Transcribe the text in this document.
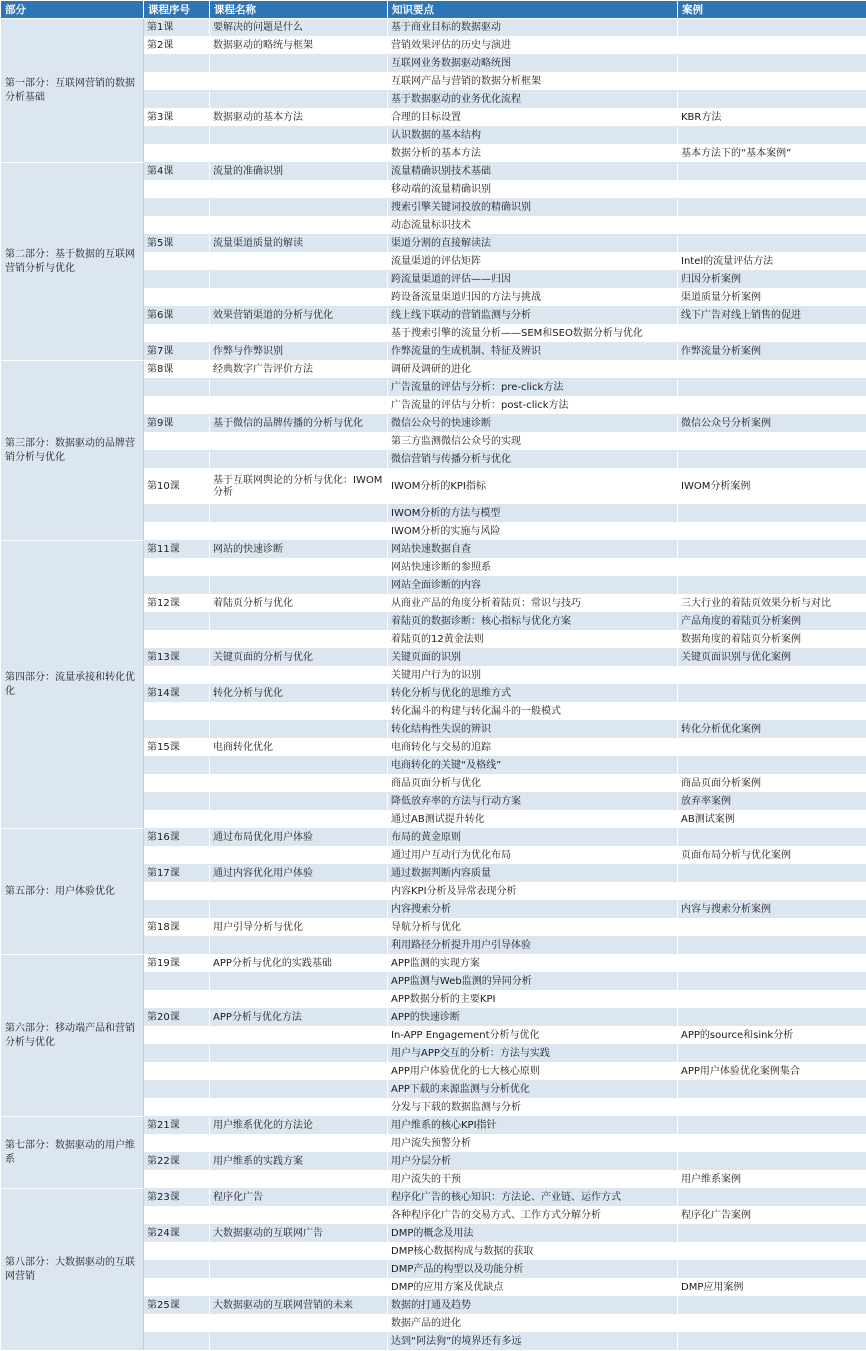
部分	课程序号	课程名称	知识要点	案例
第一部分：互联网营销的数据分析基础	第1课	要解决的问题是什么	基于商业目标的数据驱动	
	第2课	数据驱动的略统与框架	营销效果评估的历史与演进	
			互联网业务数据驱动略统图	
			互联网产品与营销的数据分析框架	
			基于数据驱动的业务优化流程	
	第3课	数据驱动的基本方法	合理的目标设置	KBR方法
			认识数据的基本结构	
			数据分析的基本方法	基本方法下的“基本案例”
第二部分：基于数据的互联网营销分析与优化	第4课	流量的准确识别	流量精确识别技术基础	
			移动端的流量精确识别	
			搜索引擎关键词投放的精确识别	
			动态流量标识技术	
	第5课	流量渠道质量的解读	渠道分割的直接解读法	
			流量渠道的评估矩阵	Intel的流量评估方法
			跨流量渠道的评估——归因	归因分析案例
			跨设备流量渠道归因的方法与挑战	渠道质量分析案例
	第6课	效果营销渠道的分析与优化	线上线下联动的营销监测与分析	线下广告对线上销售的促进
			基于搜索引擎的流量分析——SEM和SEO数据分析与优化	
	第7课	作弊与作弊识别	作弊流量的生成机制、特征及辨识	作弊流量分析案例
第三部分：数据驱动的品牌营销分析与优化	第8课	经典数字广告评价方法	调研及调研的进化	
			广告流量的评估与分析：pre-click方法	
			广告流量的评估与分析：post-click方法	
	第9课	基于微信的品牌传播的分析与优化	微信公众号的快速诊断	微信公众号分析案例
			第三方监测微信公众号的实现	
			微信营销与传播分析与优化	
	第10课	基于互联网舆论的分析与优化：IWOM分析	IWOM分析的KPI指标	IWOM分析案例
			IWOM分析的方法与模型	
			IWOM分析的实施与风险	
第四部分：流量承接和转化优化	第11课	网站的快速诊断	网站快速数据自查	
			网站快速诊断的参照系	
			网站全面诊断的内容	
	第12课	着陆页分析与优化	从商业产品的角度分析着陆页：常识与技巧	三大行业的着陆页效果分析与对比
			着陆页的数据诊断：核心指标与优化方案	产品角度的着陆页分析案例
			着陆页的12黄金法则	数据角度的着陆页分析案例
	第13课	关键页面的分析与优化	关键页面的识别	关键页面识别与优化案例
			关键用户行为的识别	
	第14课	转化分析与优化	转化分析与优化的思维方式	
			转化漏斗的构建与转化漏斗的一般模式	
			转化结构性失误的辨识	转化分析优化案例
	第15课	电商转化优化	电商转化与交易的追踪	
			电商转化的关键“及格线”	
			商品页面分析与优化	商品页面分析案例
			降低放弃率的方法与行动方案	放弃率案例
			通过AB测试提升转化	AB测试案例
第五部分：用户体验优化	第16课	通过布局优化用户体验	布局的黄金原则	
			通过用户互动行为优化布局	页面布局分析与优化案例
	第17课	通过内容优化用户体验	通过数据判断内容质量	
			内容KPI分析及异常表现分析	
			内容搜索分析	内容与搜索分析案例
	第18课	用户引导分析与优化	导航分析与优化	
			利用路径分析提升用户引导体验	
第六部分：移动端产品和营销分析与优化	第19课	APP分析与优化的实践基础	APP监测的实现方案	
			APP监测与Web监测的异同分析	
			APP数据分析的主要KPI	
	第20课	APP分析与优化方法	APP的快速诊断	
			In-APP Engagement分析与优化	APP的source和sink分析
			用户与APP交互的分析：方法与实践	
			APP用户体验优化的七大核心原则	APP用户体验优化案例集合
			APP下载的来源监测与分析优化	
			分发与下载的数据监测与分析	
第七部分：数据驱动的用户维系	第21课	用户维系优化的方法论	用户维系的核心KPI指针	
			用户流失预警分析	
	第22课	用户维系的实践方案	用户分层分析	
			用户流失的干预	用户维系案例
第八部分：大数据驱动的互联网营销	第23课	程序化广告	程序化广告的核心知识：方法论、产业链、运作方式	
			各种程序化广告的交易方式、工作方式分解分析	程序化广告案例
	第24课	大数据驱动的互联网广告	DMP的概念及用法	
			DMP核心数据构成与数据的获取	
			DMP产品的构型以及功能分析	
			DMP的应用方案及优缺点	DMP应用案例
	第25课	大数据驱动的互联网营销的未来	数据的打通及趋势	
			数据产品的进化	
			达到“阿法狗”的境界还有多远	
